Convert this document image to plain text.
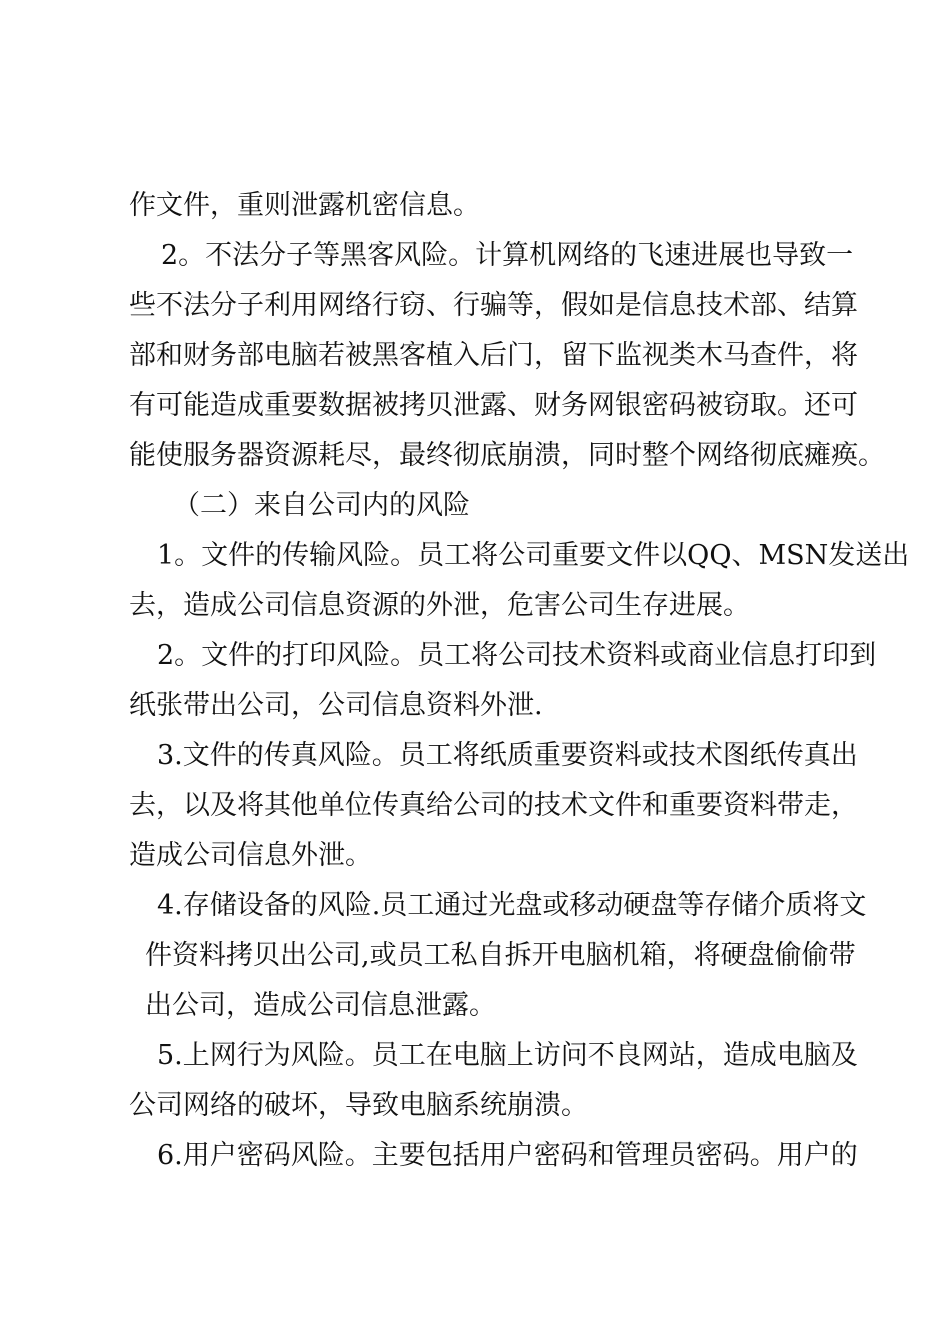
作文件，重则泄露机密信息。

2。不法分子等黑客风险。计算机网络的飞速进展也导致一

些不法分子利用网络行窃、行骗等，假如是信息技术部、结算

部和财务部电脑若被黑客植入后门，留下监视类木马查件，将

有可能造成重要数据被拷贝泄露、财务网银密码被窃取。还可

能使服务器资源耗尽，最终彻底崩溃，同时整个网络彻底瘫痪。

（二）来自公司内的风险

1。文件的传输风险。员工将公司重要文件以QQ、MSN发送出

去，造成公司信息资源的外泄，危害公司生存进展。

2。文件的打印风险。员工将公司技术资料或商业信息打印到

纸张带出公司，公司信息资料外泄.

3.文件的传真风险。员工将纸质重要资料或技术图纸传真出

去，以及将其他单位传真给公司的技术文件和重要资料带走，

造成公司信息外泄。

4.存储设备的风险.员工通过光盘或移动硬盘等存储介质将文

件资料拷贝出公司,或员工私自拆开电脑机箱，将硬盘偷偷带

出公司，造成公司信息泄露。

5.上网行为风险。员工在电脑上访问不良网站，造成电脑及

公司网络的破坏，导致电脑系统崩溃。

6.用户密码风险。主要包括用户密码和管理员密码。用户的
